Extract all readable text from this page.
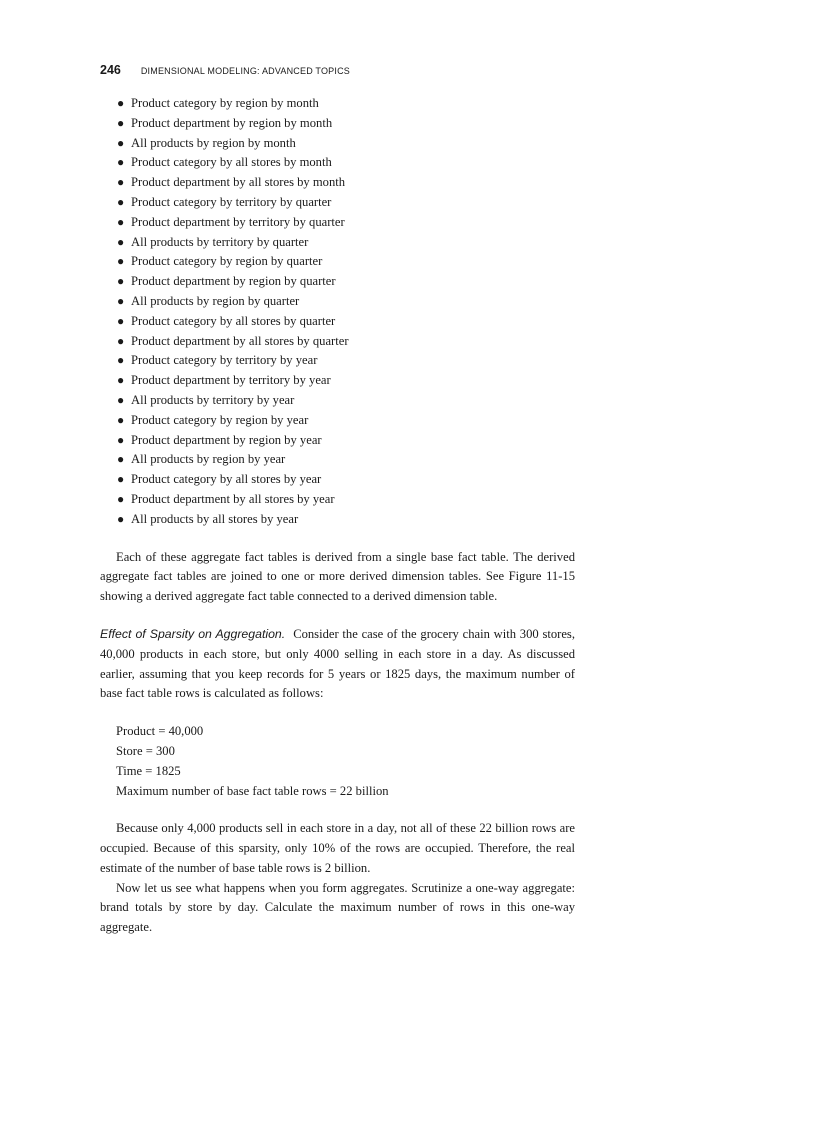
246 DIMENSIONAL MODELING: ADVANCED TOPICS
● Product category by region by month
● Product department by region by month
● All products by region by month
● Product category by all stores by month
● Product department by all stores by month
● Product category by territory by quarter
● Product department by territory by quarter
● All products by territory by quarter
● Product category by region by quarter
● Product department by region by quarter
● All products by region by quarter
● Product category by all stores by quarter
● Product department by all stores by quarter
● Product category by territory by year
● Product department by territory by year
● All products by territory by year
● Product category by region by year
● Product department by region by year
● All products by region by year
● Product category by all stores by year
● Product department by all stores by year
● All products by all stores by year

Each of these aggregate fact tables is derived from a single base fact table. The derived aggregate fact tables are joined to one or more derived dimension tables. See Figure 11-15 showing a derived aggregate fact table connected to a derived dimension table.

Effect of Sparsity on Aggregation. Consider the case of the grocery chain with 300 stores, 40,000 products in each store, but only 4000 selling in each store in a day. As discussed earlier, assuming that you keep records for 5 years or 1825 days, the maximum number of base fact table rows is calculated as follows:

Product = 40,000
Store = 300
Time = 1825
Maximum number of base fact table rows = 22 billion

Because only 4,000 products sell in each store in a day, not all of these 22 billion rows are occupied. Because of this sparsity, only 10% of the rows are occupied. Therefore, the real estimate of the number of base table rows is 2 billion.

Now let us see what happens when you form aggregates. Scrutinize a one-way aggregate: brand totals by store by day. Calculate the maximum number of rows in this one-way aggregate.
